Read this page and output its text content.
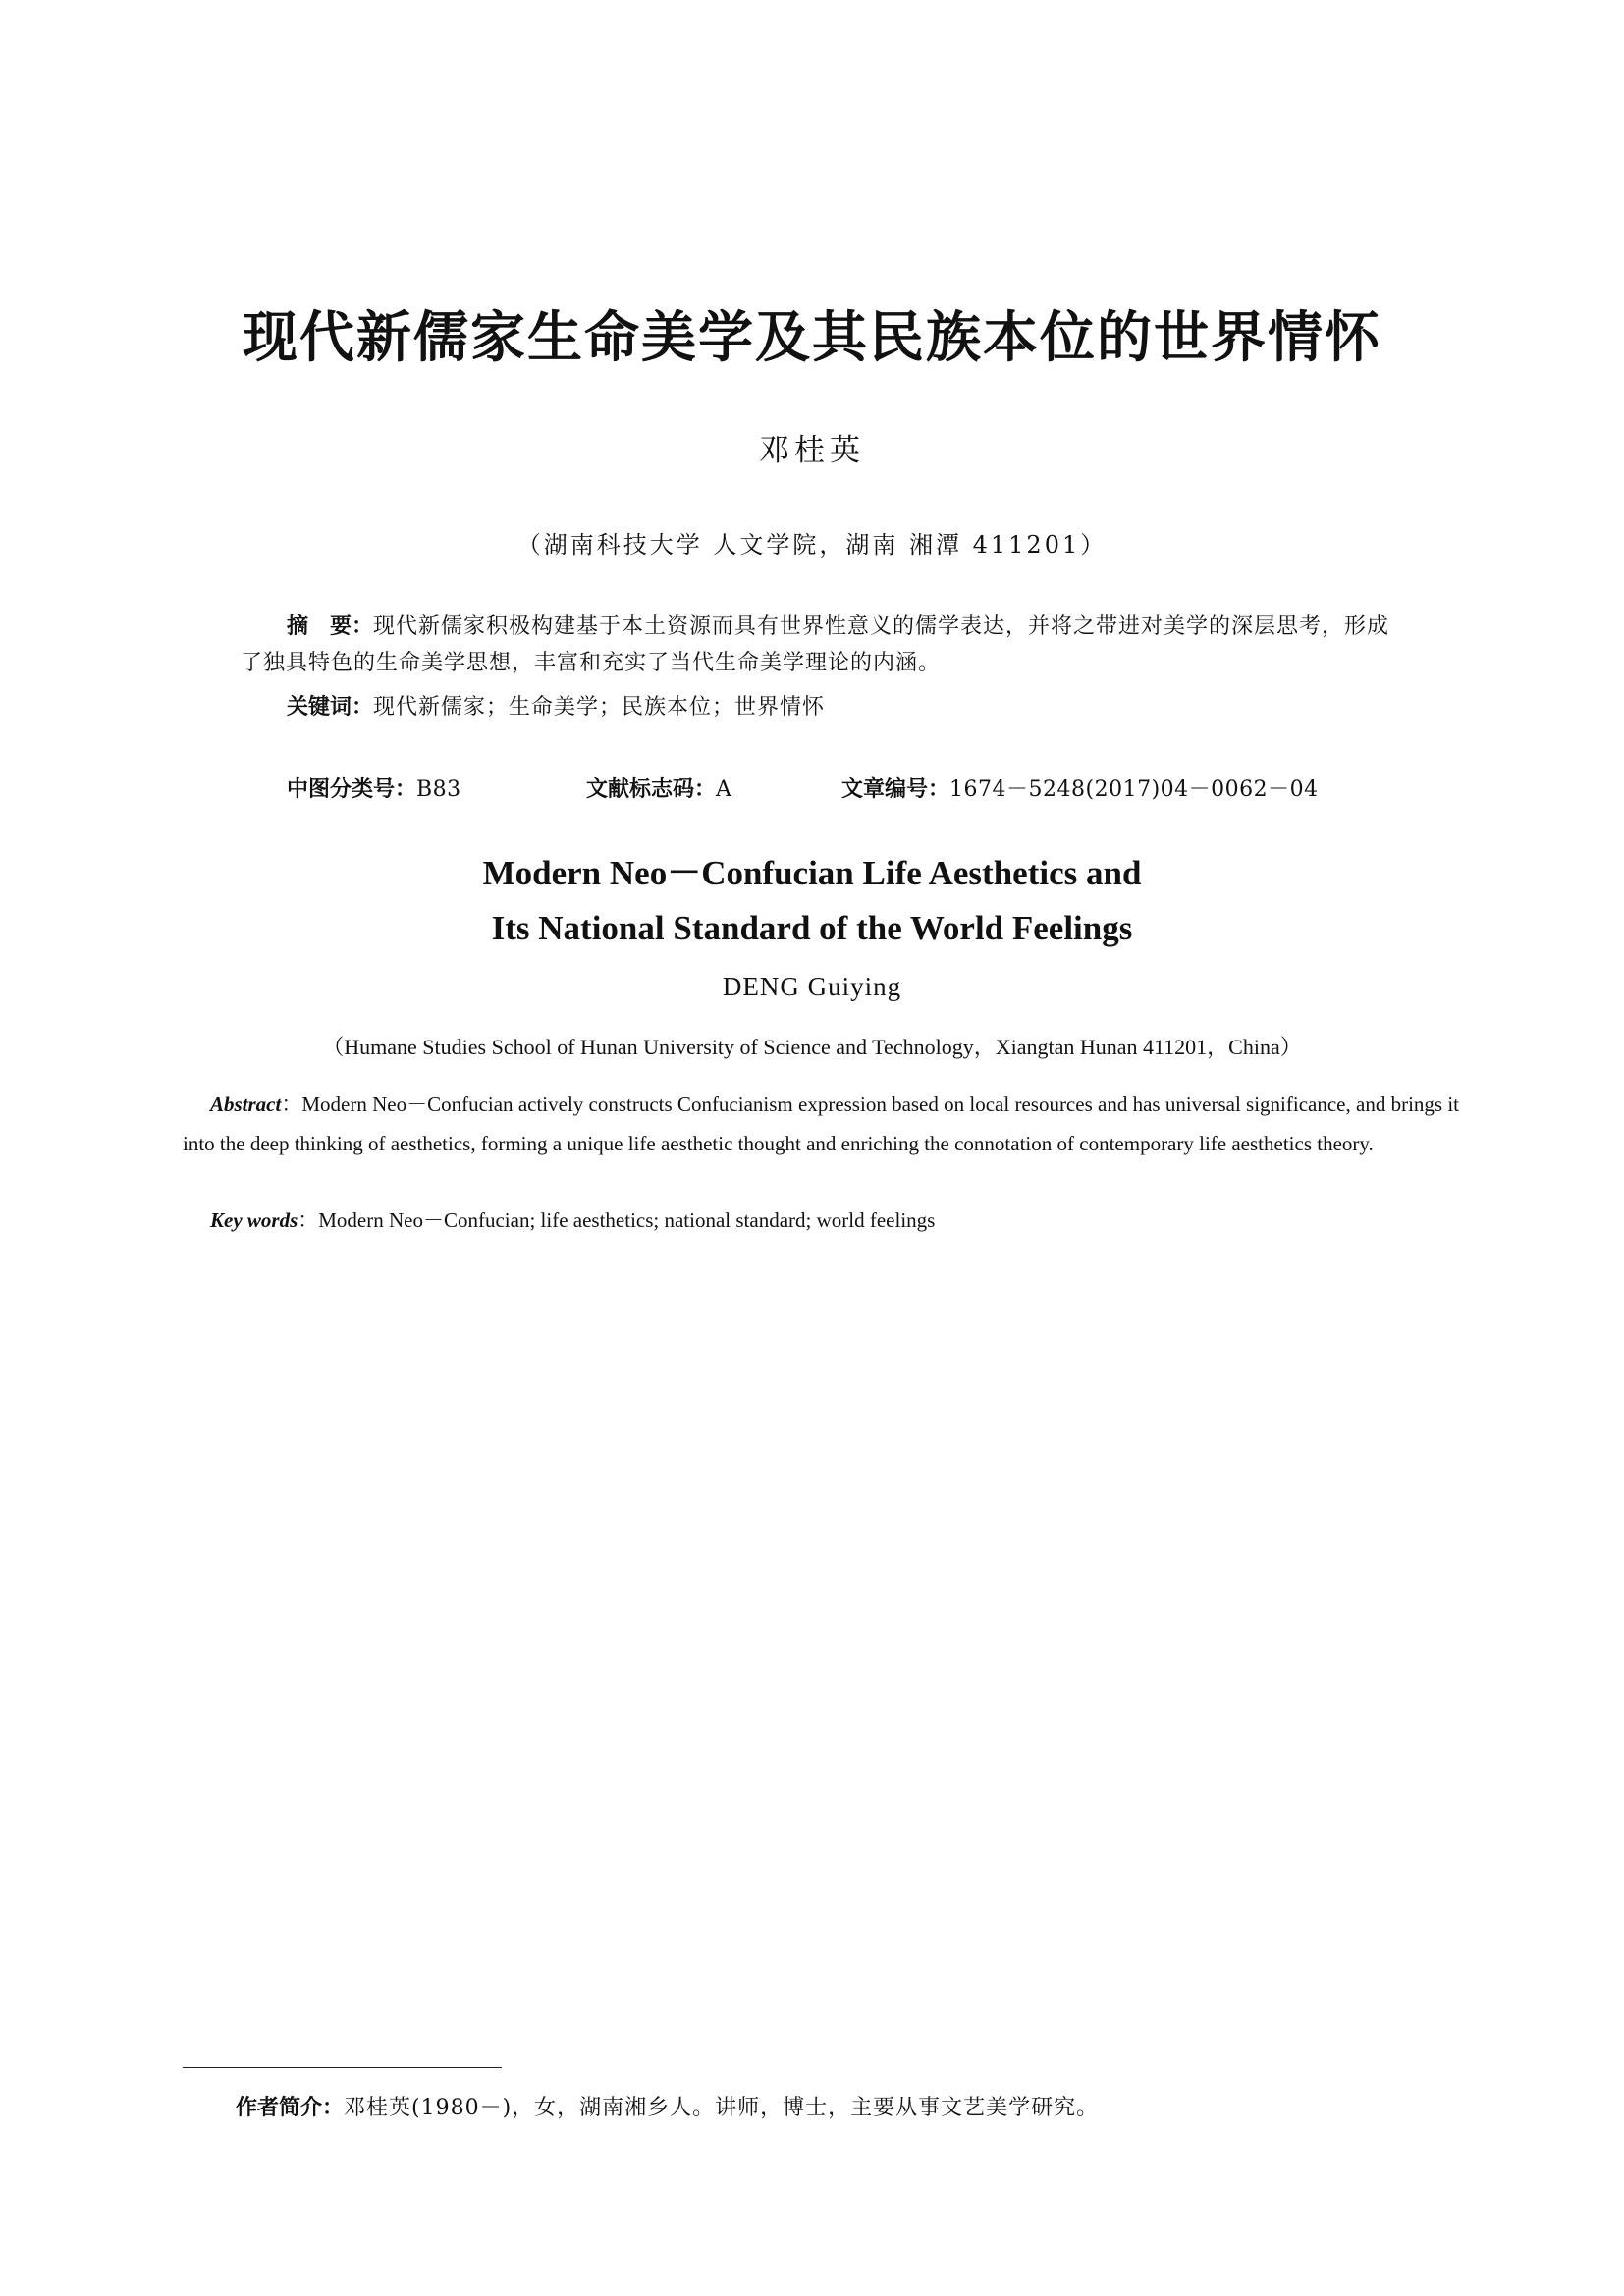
现代新儒家生命美学及其民族本位的世界情怀
邓桂英
（湖南科技大学 人文学院，湖南 湘潭 411201）
摘　要：现代新儒家积极构建基于本土资源而具有世界性意义的儒学表达，并将之带进对美学的深层思考，形成了独具特色的生命美学思想，丰富和充实了当代生命美学理论的内涵。
关键词：现代新儒家；生命美学；民族本位；世界情怀
中图分类号：B83	文献标志码：A	文章编号：1674－5248(2017)04－0062－04
Modern Neo－Confucian Life Aesthetics and
Its National Standard of the World Feelings
DENG Guiying
（Humane Studies School of Hunan University of Science and Technology，Xiangtan Hunan 411201，China）
Abstract：Modern Neo－Confucian actively constructs Confucianism expression based on local resources and has universal significance, and brings it into the deep thinking of aesthetics, forming a unique life aesthetic thought and enriching the connotation of contemporary life aesthetics theory.
Key words：Modern Neo－Confucian; life aesthetics; national standard; world feelings
作者简介：邓桂英(1980－)，女，湖南湘乡人。讲师，博士，主要从事文艺美学研究。
